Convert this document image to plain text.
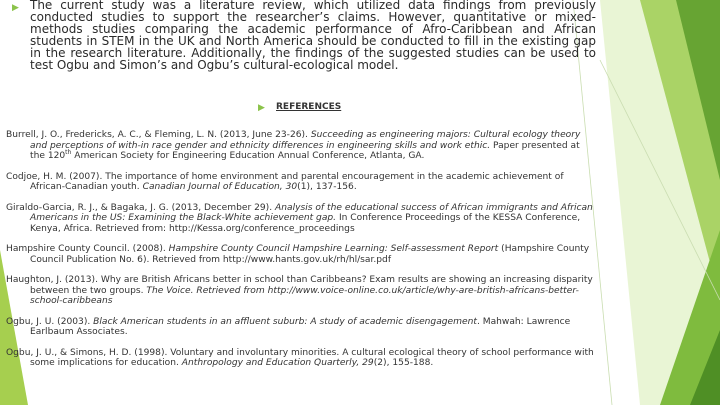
▶ The current study was a literature review, which utilized data findings from previously conducted studies to support the researcher’s claims. However, quantitative or mixed-methods studies comparing the academic performance of Afro-Caribbean and African students in STEM in the UK and North America should be conducted to fill in the existing gap in the research literature. Additionally, the findings of the suggested studies can be used to test Ogbu and Simon’s and Ogbu’s cultural-ecological model.

▶ REFERENCES

Burrell, J. O., Fredericks, A. C., & Fleming, L. N. (2013, June 23-26). Succeeding as engineering majors: Cultural ecology theory and perceptions of with-in race gender and ethnicity differences in engineering skills and work ethic. Paper presented at the 120th American Society for Engineering Education Annual Conference, Atlanta, GA.

Codjoe, H. M. (2007). The importance of home environment and parental encouragement in the academic achievement of African-Canadian youth. Canadian Journal of Education, 30(1), 137-156.

Giraldo-Garcia, R. J., & Bagaka, J. G. (2013, December 29). Analysis of the educational success of African immigrants and African Americans in the US: Examining the Black-White achievement gap. In Conference Proceedings of the KESSA Conference, Kenya, Africa. Retrieved from: http://Kessa.org/conference_proceedings

Hampshire County Council. (2008). Hampshire County Council Hampshire Learning: Self-assessment Report (Hampshire County Council Publication No. 6). Retrieved from http://www.hants.gov.uk/rh/hl/sar.pdf

Haughton, J. (2013). Why are British Africans better in school than Caribbeans? Exam results are showing an increasing disparity between the two groups. The Voice. Retrieved from http://www.voice-online.co.uk/article/why-are-british-africans-better-school-caribbeans

Ogbu, J. U. (2003). Black American students in an affluent suburb: A study of academic disengagement. Mahwah: Lawrence Earlbaum Associates.

Ogbu, J. U., & Simons, H. D. (1998). Voluntary and involuntary minorities. A cultural ecological theory of school performance with some implications for education. Anthropology and Education Quarterly, 29(2), 155-188.
